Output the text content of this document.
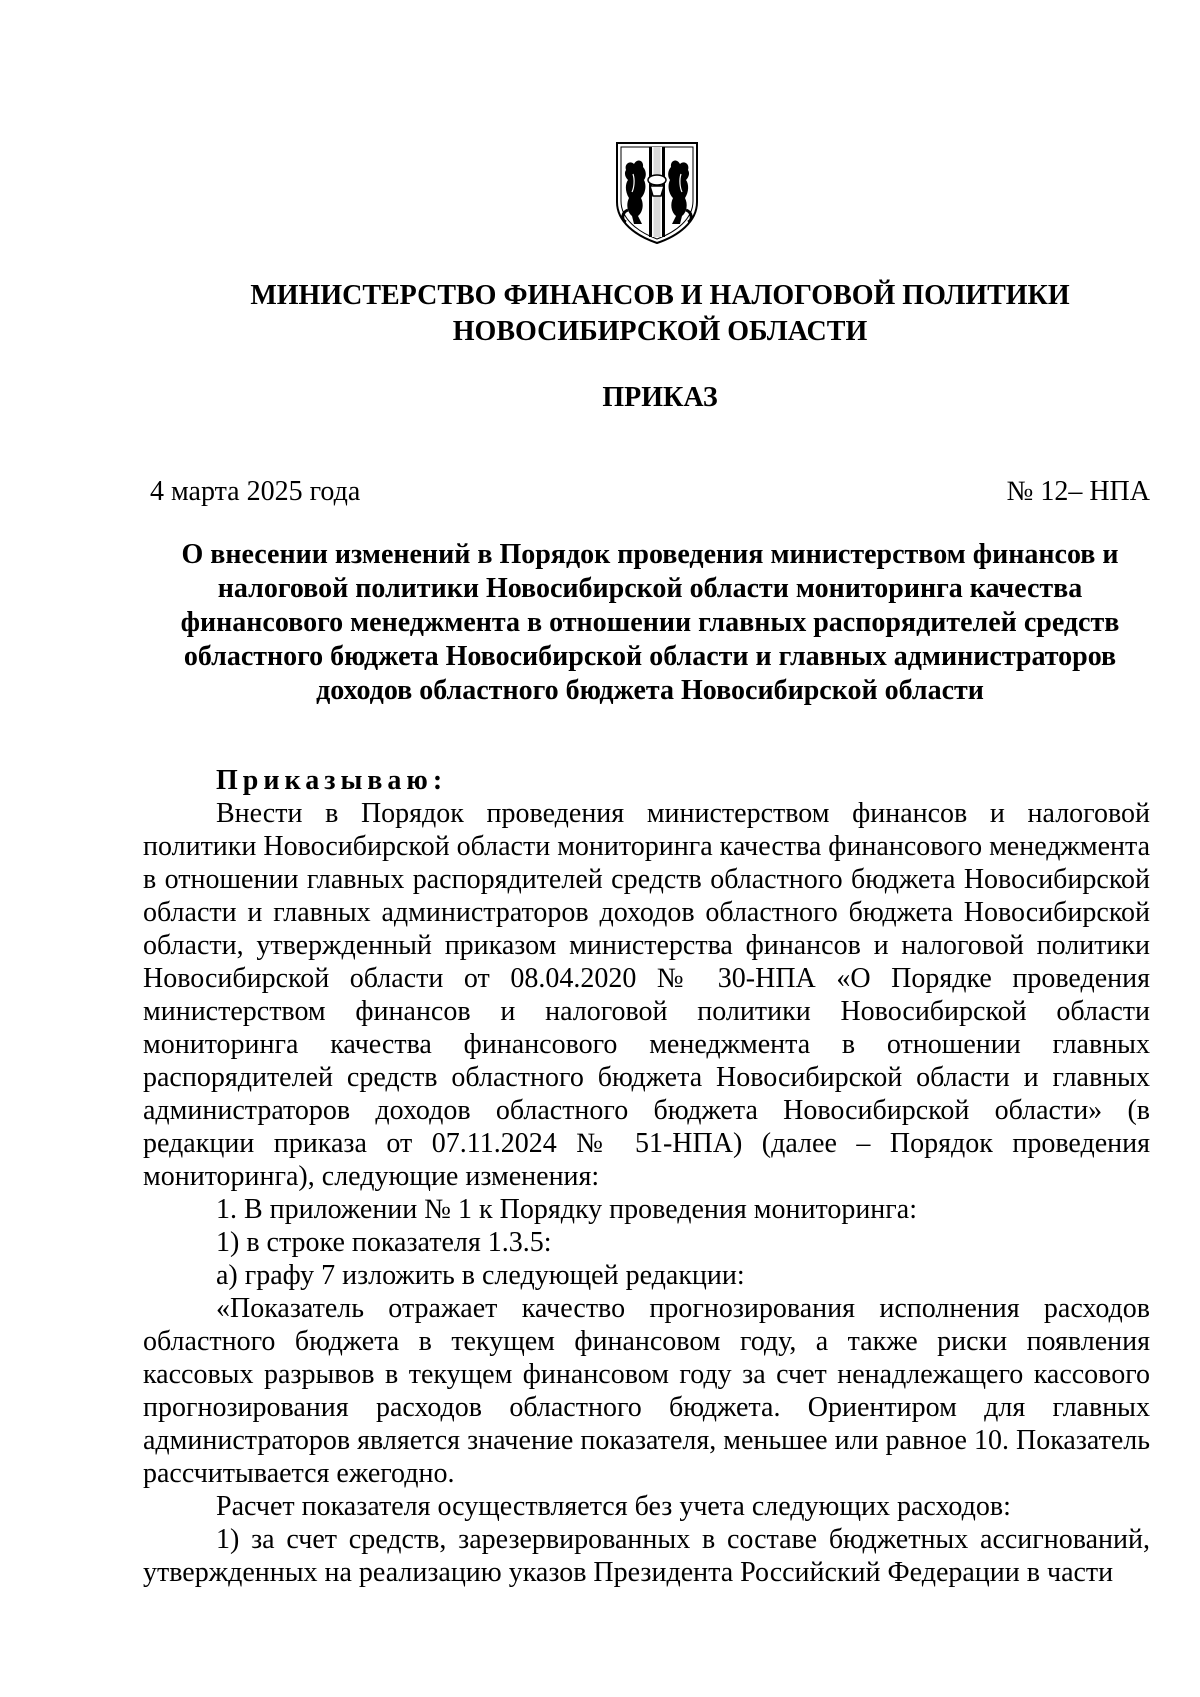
МИНИСТЕРСТВО ФИНАНСОВ И НАЛОГОВОЙ ПОЛИТИКИ
НОВОСИБИРСКОЙ ОБЛАСТИ
ПРИКАЗ
4 марта 2025 года	№ 12– НПА
О внесении изменений в Порядок проведения министерством финансов и налоговой политики Новосибирской области мониторинга качества финансового менеджмента в отношении главных распорядителей средств областного бюджета Новосибирской области и главных администраторов доходов областного бюджета Новосибирской области

Приказываю:

Внести в Порядок проведения министерством финансов и налоговой политики Новосибирской области мониторинга качества финансового менеджмента в отношении главных распорядителей средств областного бюджета Новосибирской области и главных администраторов доходов областного бюджета Новосибирской области, утвержденный приказом министерства финансов и налоговой политики Новосибирской области от 08.04.2020 № 30-НПА «О Порядке проведения министерством финансов и налоговой политики Новосибирской области мониторинга качества финансового менеджмента в отношении главных распорядителей средств областного бюджета Новосибирской области и главных администраторов доходов областного бюджета Новосибирской области» (в редакции приказа от 07.11.2024 № 51-НПА) (далее – Порядок проведения мониторинга), следующие изменения:

1. В приложении № 1 к Порядку проведения мониторинга:

1) в строке показателя 1.3.5:

а) графу 7 изложить в следующей редакции:

«Показатель отражает качество прогнозирования исполнения расходов областного бюджета в текущем финансовом году, а также риски появления кассовых разрывов в текущем финансовом году за счет ненадлежащего кассового прогнозирования расходов областного бюджета. Ориентиром для главных администраторов является значение показателя, меньшее или равное 10. Показатель рассчитывается ежегодно.

Расчет показателя осуществляется без учета следующих расходов:

1) за счет средств, зарезервированных в составе бюджетных ассигнований, утвержденных на реализацию указов Президента Российский Федерации в части
